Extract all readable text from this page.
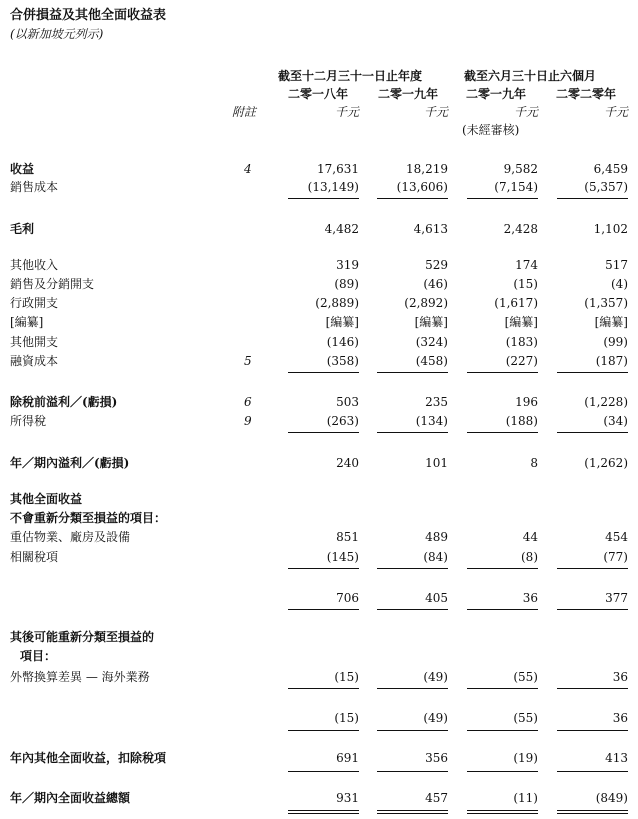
合併損益及其他全面收益表
(以新加坡元列示)
截至十二月三十一日止年度	截至六月三十日止六個月
二零一八年 二零一九年 二零一九年 二零二零年
附註	千元	千元	千元	千元
(未經審核)
收益	4	17,631	18,219	9,582	6,459
銷售成本	(13,149)	(13,606)	(7,154)	(5,357)
毛利	4,482	4,613	2,428	1,102
其他收入	319	529	174	517
銷售及分銷開支	(89)	(46)	(15)	(4)
行政開支	(2,889)	(2,892)	(1,617)	(1,357)
[編纂]	[編纂]	[編纂]	[編纂]	[編纂]
其他開支	(146)	(324)	(183)	(99)
融資成本	5	(358)	(458)	(227)	(187)
除稅前溢利／(虧損)	6	503	235	196	(1,228)
所得稅	9	(263)	(134)	(188)	(34)
年／期內溢利／(虧損)	240	101	8	(1,262)
其他全面收益
不會重新分類至損益的項目：
重估物業、廠房及設備	851	489	44	454
相關稅項	(145)	(84)	(8)	(77)
706	405	36	377
其後可能重新分類至損益的
項目：
外幣換算差異 — 海外業務	(15)	(49)	(55)	36
(15)	(49)	(55)	36
年內其他全面收益，扣除稅項	691	356	(19)	413
年／期內全面收益總額	931	457	(11)	(849)
